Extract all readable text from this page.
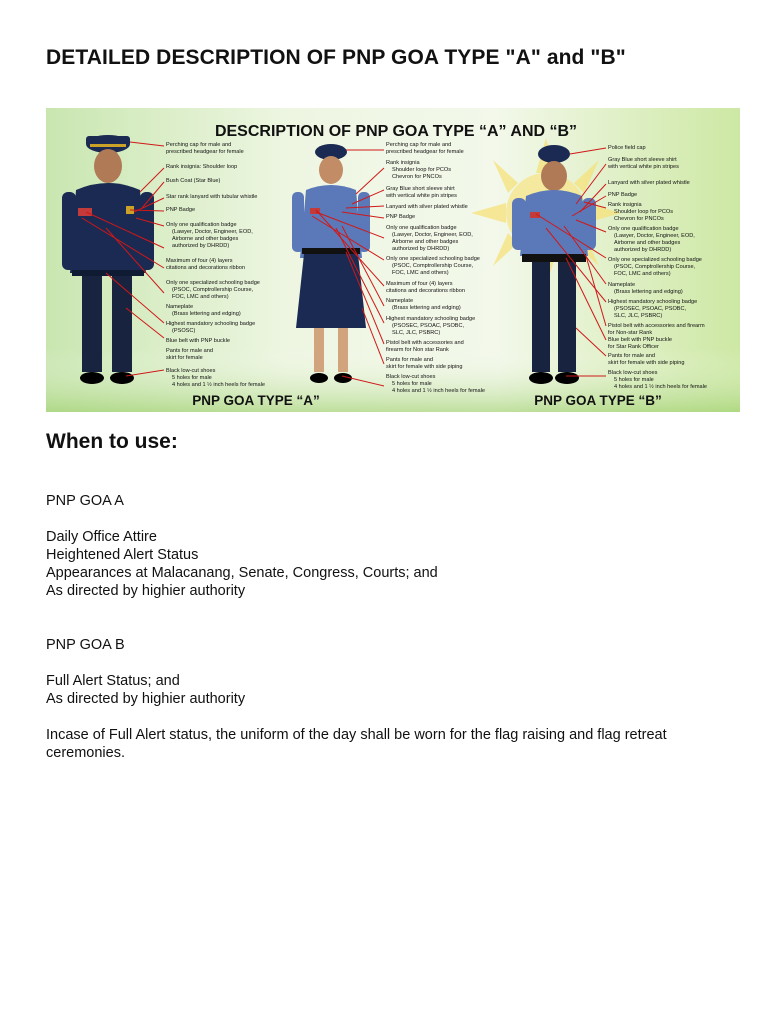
DETAILED DESCRIPTION OF PNP GOA TYPE "A" and "B"
DESCRIPTION OF PNP GOA TYPE “A” AND “B”
Perching cap for male and
prescribed headgear for female
Rank insignia: Shoulder loop
Bush Coat (Star Blue)
Star rank lanyard with tubular whistle
PNP Badge
Only one qualification badge
(Lawyer, Doctor, Engineer, EOD,
Airborne and other badges
authorized by DHRDD)
Maximum of four (4) layers
citations and decorations ribbon
Only one specialized schooling badge
(PSOC, Comptrollership Course,
FOC, LMC and others)
Nameplate
(Brass lettering and edging)
Highest mandatory schooling badge
(PSOSC)
Blue belt with PNP buckle
Pants for male and
skirt for female
Black low-cut shoes
5 holes for male
4 holes and 1 ½ inch heels for female
Perching cap for male and
prescribed headgear for female
Rank insignia
Shoulder loop for PCOs
Chevron for PNCOs
Gray Blue short sleeve shirt
with vertical white pin stripes
Lanyard with silver plated whistle
PNP Badge
Only one qualification badge
(Lawyer, Doctor, Engineer, EOD,
Airborne and other badges
authorized by DHRDD)
Only one specialized schooling badge
(PSOC, Comptrollership Course,
FOC, LMC and others)
Maximum of four (4) layers
citations and decorations ribbon
Nameplate
(Brass lettering and edging)
Highest mandatory schooling badge
(PSOSEC, PSOAC, PSOBC,
SLC, JLC, PSBRC)
Pistol belt with accessories and
firearm for Non star Rank
Pants for male and
skirt for female with side piping
Black low-cut shoes
5 holes for male
4 holes and 1 ½ inch heels for female
Police field cap
Gray Blue short sleeve shirt
with vertical white pin stripes
Lanyard with silver plated whistle
PNP Badge
Rank insignia
Shoulder loop for PCOs
Chevron for PNCOs
Only one qualification badge
(Lawyer, Doctor, Engineer, EOD,
Airborne and other badges
authorized by DHRDD)
Only one specialized schooling badge
(PSOC, Comptrollership Course,
FOC, LMC and others)
Nameplate
(Brass lettering and edging)
Highest mandatory schooling badge
(PSOSEC, PSOAC, PSOBC,
SLC, JLC, PSBRC)
Pistol belt with accessories and firearm
for Non-star Rank
Blue belt with PNP buckle
for Star Rank Officer
Pants for male and
skirt for female with side piping
Black low-cut shoes
5 holes for male
4 holes and 1 ½ inch heels for female
PNP GOA TYPE “A”	PNP GOA TYPE “B”
When to use:

PNP GOA A

Daily Office Attire
Heightened Alert Status
Appearances at Malacanang, Senate, Congress, Courts; and
As directed by highier authority

PNP GOA B

Full Alert Status; and
As directed by highier authority

Incase of Full Alert status, the uniform of the day shall be worn for the flag raising and flag retreat ceremonies.
